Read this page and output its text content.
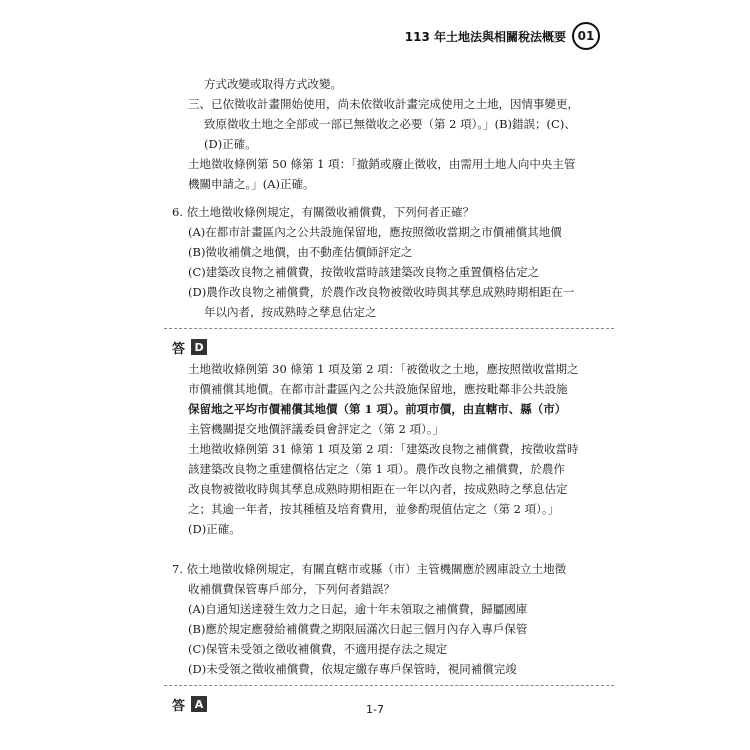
113 年土地法與相關稅法概要 01
方式改變或取得方式改變。
三、已依徵收計畫開始使用，尚未依徵收計畫完成使用之土地，因情事變更，
致原徵收土地之全部或一部已無徵收之必要（第 2 項）。」(B)錯誤；(C)、
(D)正確。
土地徵收條例第 50 條第 1 項：「撤銷或廢止徵收，由需用土地人向中央主管
機關申請之。」(A)正確。
6. 依土地徵收條例規定，有關徵收補償費，下列何者正確？
(A)在都市計畫區內之公共設施保留地，應按照徵收當期之市價補償其地價
(B)徵收補償之地價，由不動產估價師評定之
(C)建築改良物之補償費，按徵收當時該建築改良物之重置價格估定之
(D)農作改良物之補償費，於農作改良物被徵收時與其孳息成熟時期相距在一
年以內者，按成熟時之孳息估定之
答 D
土地徵收條例第 30 條第 1 項及第 2 項：「被徵收之土地，應按照徵收當期之
市價補償其地價。在都市計畫區內之公共設施保留地，應按毗鄰非公共設施
保留地之平均市價補償其地價（第 1 項）。前項市價，由直轄市、縣（市）
主管機關提交地價評議委員會評定之（第 2 項）。」
土地徵收條例第 31 條第 1 項及第 2 項：「建築改良物之補償費，按徵收當時
該建築改良物之重建價格估定之（第 1 項）。農作改良物之補償費，於農作
改良物被徵收時與其孳息成熟時期相距在一年以內者，按成熟時之孳息估定
之；其逾一年者，按其種植及培育費用，並參酌現值估定之（第 2 項）。」
(D)正確。
7. 依土地徵收條例規定，有關直轄市或縣（市）主管機關應於國庫設立土地徵
收補償費保管專戶部分，下列何者錯誤？
(A)自通知送達發生效力之日起，逾十年未領取之補償費，歸屬國庫
(B)應於規定應發給補償費之期限屆滿次日起三個月內存入專戶保管
(C)保管未受領之徵收補償費，不適用提存法之規定
(D)未受領之徵收補償費，依規定繳存專戶保管時，視同補償完竣
答 A	1-7
